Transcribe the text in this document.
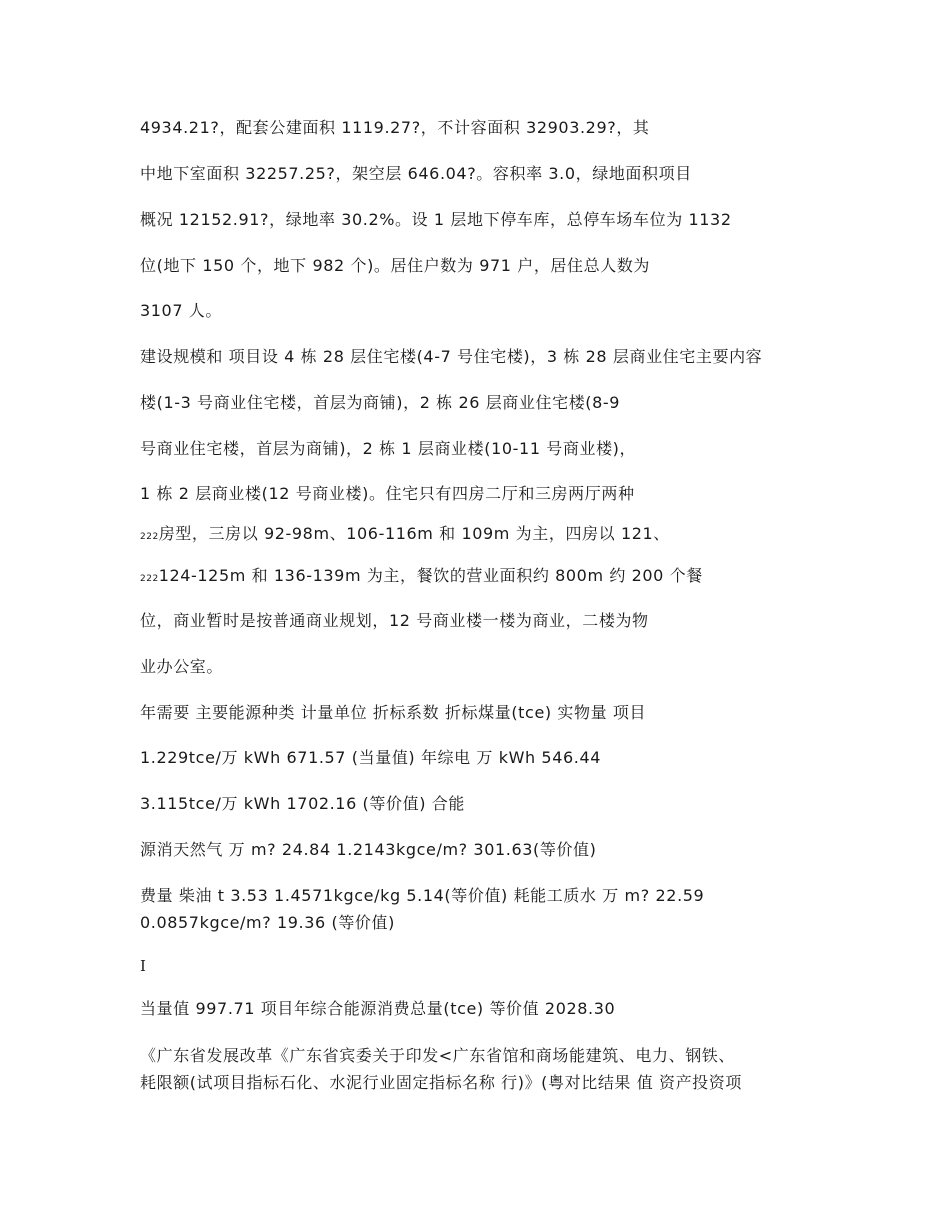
4934.21?，配套公建面积 1119.27?，不计容面积 32903.29?，其
中地下室面积 32257.25?，架空层 646.04?。容积率 3.0，绿地面积项目
概况 12152.91?，绿地率 30.2%。设 1 层地下停车库，总停车场车位为 1132
位(地下 150 个，地下 982 个)。居住户数为 971 户，居住总人数为
3107 人。
建设规模和 项目设 4 栋 28 层住宅楼(4-7 号住宅楼)，3 栋 28 层商业住宅主要内容
楼(1-3 号商业住宅楼，首层为商铺)，2 栋 26 层商业住宅楼(8-9
号商业住宅楼，首层为商铺)，2 栋 1 层商业楼(10-11 号商业楼)，
1 栋 2 层商业楼(12 号商业楼)。住宅只有四房二厅和三房两厅两种
222房型，三房以 92-98m、106-116m 和 109m 为主，四房以 121、
222124-125m 和 136-139m 为主，餐饮的营业面积约 800m 约 200 个餐
位，商业暂时是按普通商业规划，12 号商业楼一楼为商业，二楼为物
业办公室。
年需要 主要能源种类 计量单位 折标系数 折标煤量(tce) 实物量 项目
1.229tce/万 kWh 671.57 (当量值) 年综电 万 kWh 546.44
3.115tce/万 kWh 1702.16 (等价值) 合能
源消天然气 万 m? 24.84 1.2143kgce/m? 301.63(等价值)
费量 柴油 t 3.53 1.4571kgce/kg 5.14(等价值) 耗能工质水 万 m? 22.59
0.0857kgce/m? 19.36 (等价值)
I
当量值 997.71 项目年综合能源消费总量(tce) 等价值 2028.30
《广东省发展改革《广东省宾委关于印发<广东省馆和商场能建筑、电力、钢铁、
耗限额(试项目指标石化、水泥行业固定指标名称 行)》(粤对比结果 值 资产投资项
